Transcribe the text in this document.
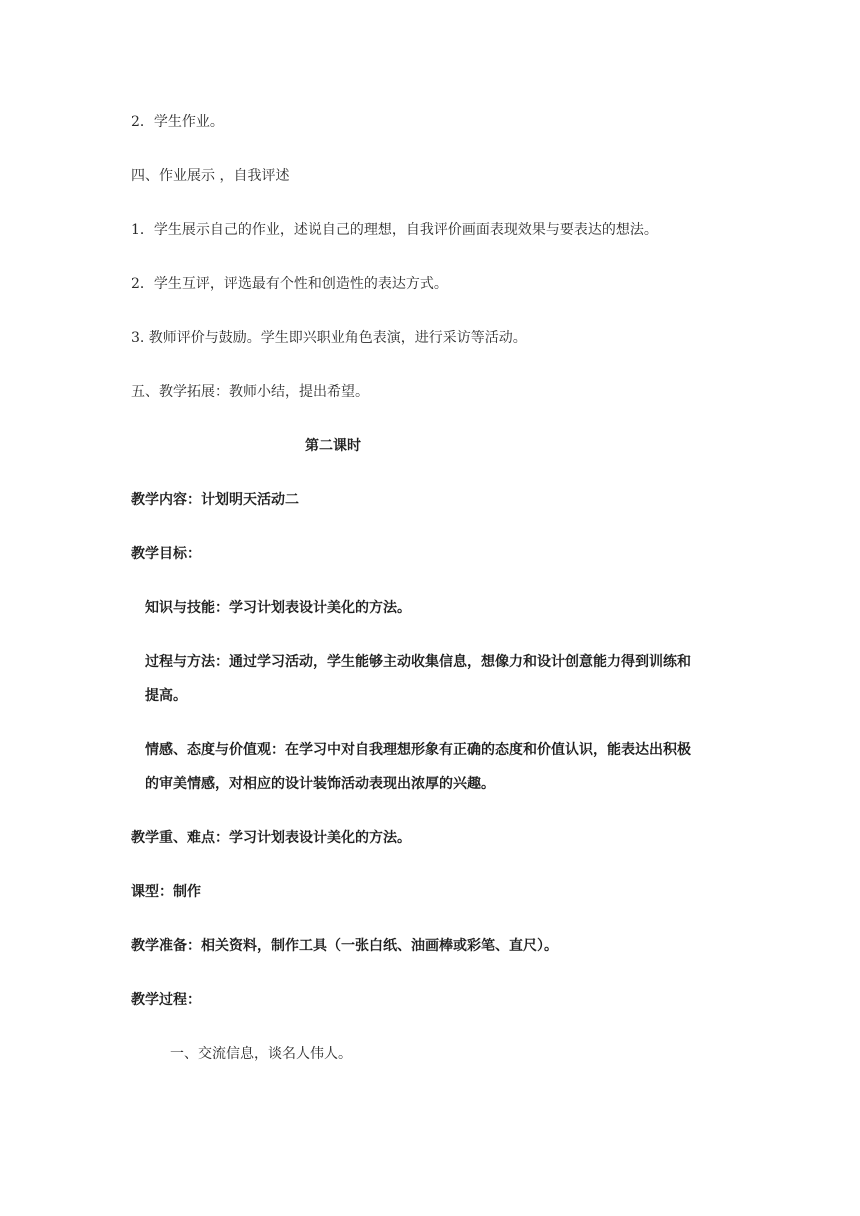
2．学生作业。
四、作业展示 ，自我评述
1．学生展示自己的作业，述说自己的理想，自我评价画面表现效果与要表达的想法。
2．学生互评，评选最有个性和创造性的表达方式。
3. 教师评价与鼓励。学生即兴职业角色表演，进行采访等活动。
五、教学拓展：教师小结，提出希望。
第二课时
教学内容：计划明天活动二
教学目标：
知识与技能：学习计划表设计美化的方法。
过程与方法：通过学习活动，学生能够主动收集信息，想像力和设计创意能力得到训练和
提高。
情感、态度与价值观：在学习中对自我理想形象有正确的态度和价值认识，能表达出积极
的审美情感，对相应的设计装饰活动表现出浓厚的兴趣。
教学重、难点：学习计划表设计美化的方法。
课型：制作
教学准备：相关资料，制作工具（一张白纸、油画棒或彩笔、直尺）。
教学过程：
一、交流信息，谈名人伟人。
